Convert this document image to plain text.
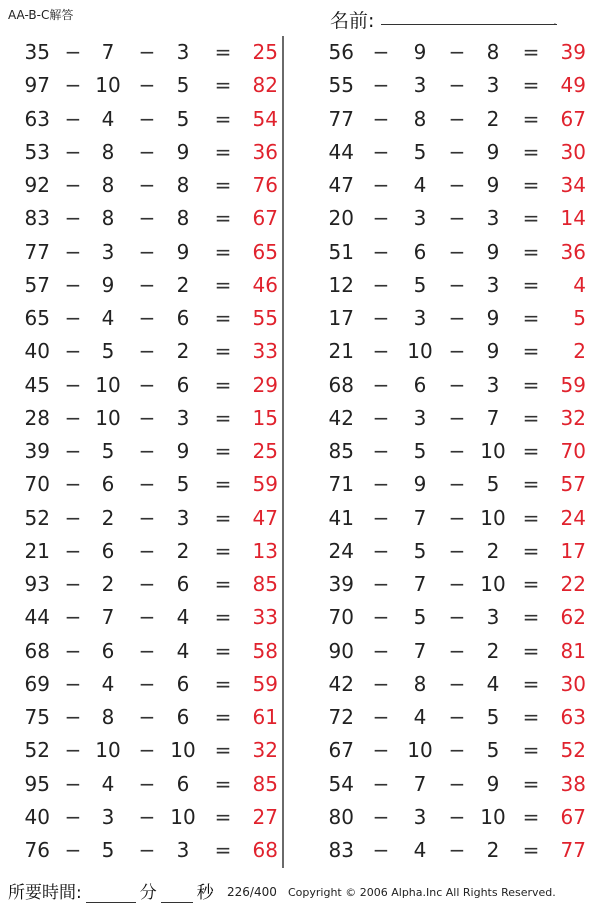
AA-B-C解答	名前:	.
35 −	7	−	3	=	25
97 − 10 −	5	=	82
63 −	4	−	5	=	54
53 −	8	−	9	=	36
92 −	8	−	8	=	76
83 −	8	−	8	=	67
77 −	3	−	9	=	65
57 −	9	−	2	=	46
65 −	4	−	6	=	55
40 −	5	−	2	=	33
45 − 10 −	6	=	29
28 − 10 −	3	=	15
39 −	5	−	9	=	25
70 −	6	−	5	=	59
52 −	2	−	3	=	47
21 −	6	−	2	=	13
93 −	2	−	6	=	85
44 −	7	−	4	=	33
68 −	6	−	4	=	58
69 −	4	−	6	=	59
75 −	8	−	6	=	61
52 − 10 − 10 =	32
95 −	4	−	6	=	85
40 −	3	− 10 =	27
76 −	5	−	3	=	68
56 −	9	−	8	=	39
55 −	3	−	3	=	49
77 −	8	−	2	=	67
44 −	5	−	9	=	30
47 −	4	−	9	=	34
20 −	3	−	3	=	14
51 −	6	−	9	=	36
12 −	5	−	3	=	4
17 −	3	−	9	=	5
21 − 10 −	9	=	2
68 −	6	−	3	=	59
42 −	3	−	7	=	32
85 −	5	− 10 =	70
71 −	9	−	5	=	57
41 −	7	− 10 =	24
24 −	5	−	2	=	17
39 −	7	− 10 =	22
70 −	5	−	3	=	62
90 −	7	−	2	=	81
42 −	8	−	4	=	30
72 −	4	−	5	=	63
67 − 10 −	5	=	52
54 −	7	−	9	=	38
80 −	3	− 10 =	67
83 −	4	−	2	=	77
所要時間:	分 秒 226/400 Copyright © 2006 Alpha.Inc All Rights Reserved.
